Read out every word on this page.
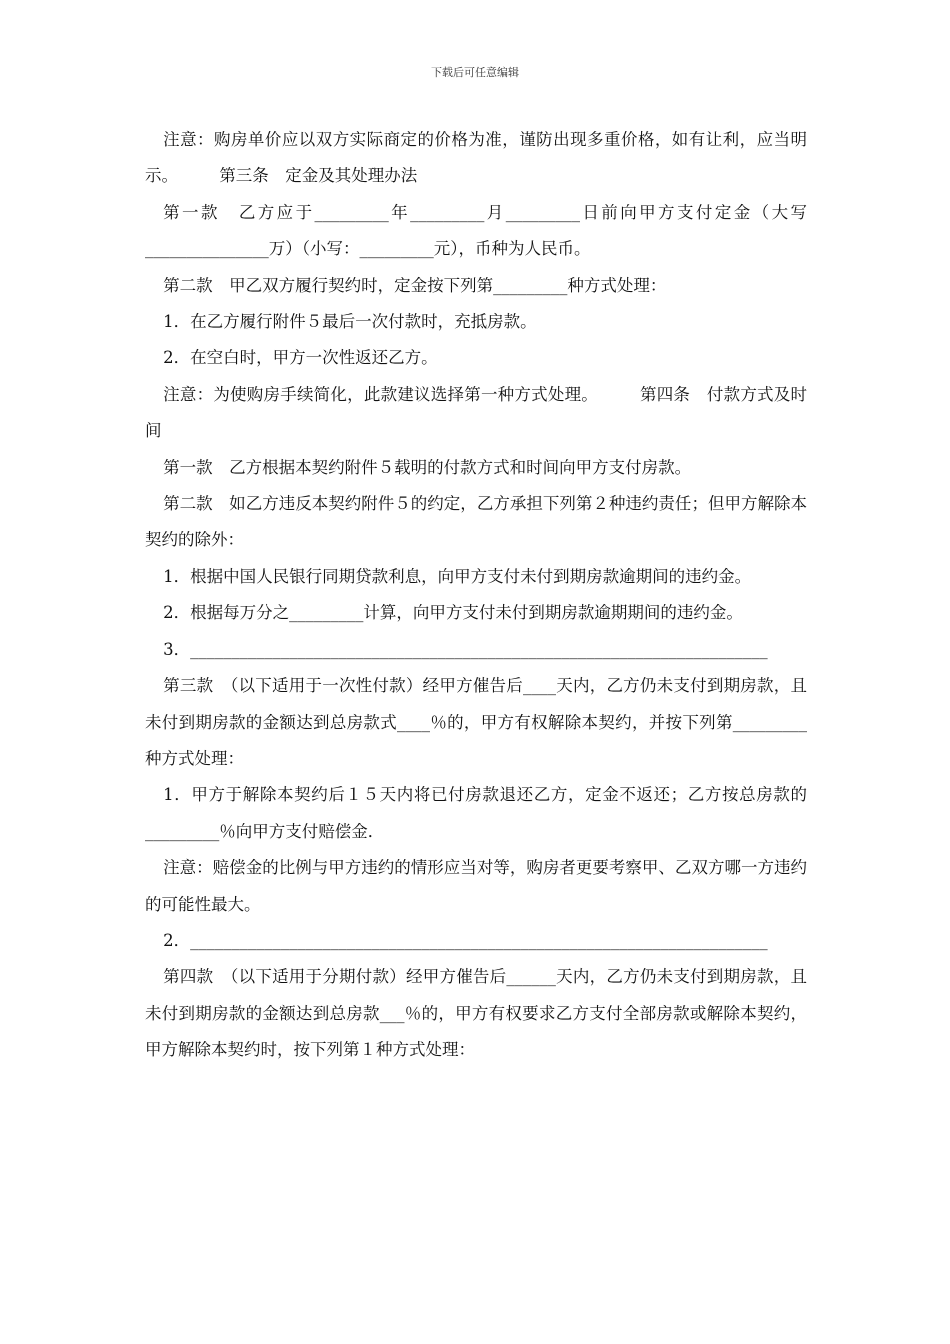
下载后可任意编辑

注意：购房单价应以双方实际商定的价格为准，谨防出现多重价格，如有让利，应当明示。　　　第三条　定金及其处理办法

第一款　乙方应于_________年_________月_________日前向甲方支付定金（大写_______________万）（小写：_________元），币种为人民币。

第二款　甲乙双方履行契约时，定金按下列第_________种方式处理：

1．在乙方履行附件５最后一次付款时，充抵房款。

2．在空白时，甲方一次性返还乙方。

注意：为使购房手续简化，此款建议选择第一种方式处理。　　　第四条　付款方式及时间

第一款　乙方根据本契约附件５载明的付款方式和时间向甲方支付房款。

第二款　如乙方违反本契约附件５的约定，乙方承担下列第２种违约责任；但甲方解除本契约的除外：

1．根据中国人民银行同期贷款利息，向甲方支付未付到期房款逾期间的违约金。

2．根据每万分之_________计算，向甲方支付未付到期房款逾期期间的违约金。

3．______________________________________________________________________

第三款　（以下适用于一次性付款）经甲方催告后____天内，乙方仍未支付到期房款，且未付到期房款的金额达到总房款式____％的，甲方有权解除本契约，并按下列第_________种方式处理：

1．甲方于解除本契约后１５天内将已付房款退还乙方，定金不返还；乙方按总房款的_________％向甲方支付赔偿金．

注意：赔偿金的比例与甲方违约的情形应当对等，购房者更要考察甲、乙双方哪一方违约的可能性最大。

2．______________________________________________________________________

第四款　（以下适用于分期付款）经甲方催告后______天内，乙方仍未支付到期房款，且未付到期房款的金额达到总房款___％的，甲方有权要求乙方支付全部房款或解除本契约，甲方解除本契约时，按下列第１种方式处理：
